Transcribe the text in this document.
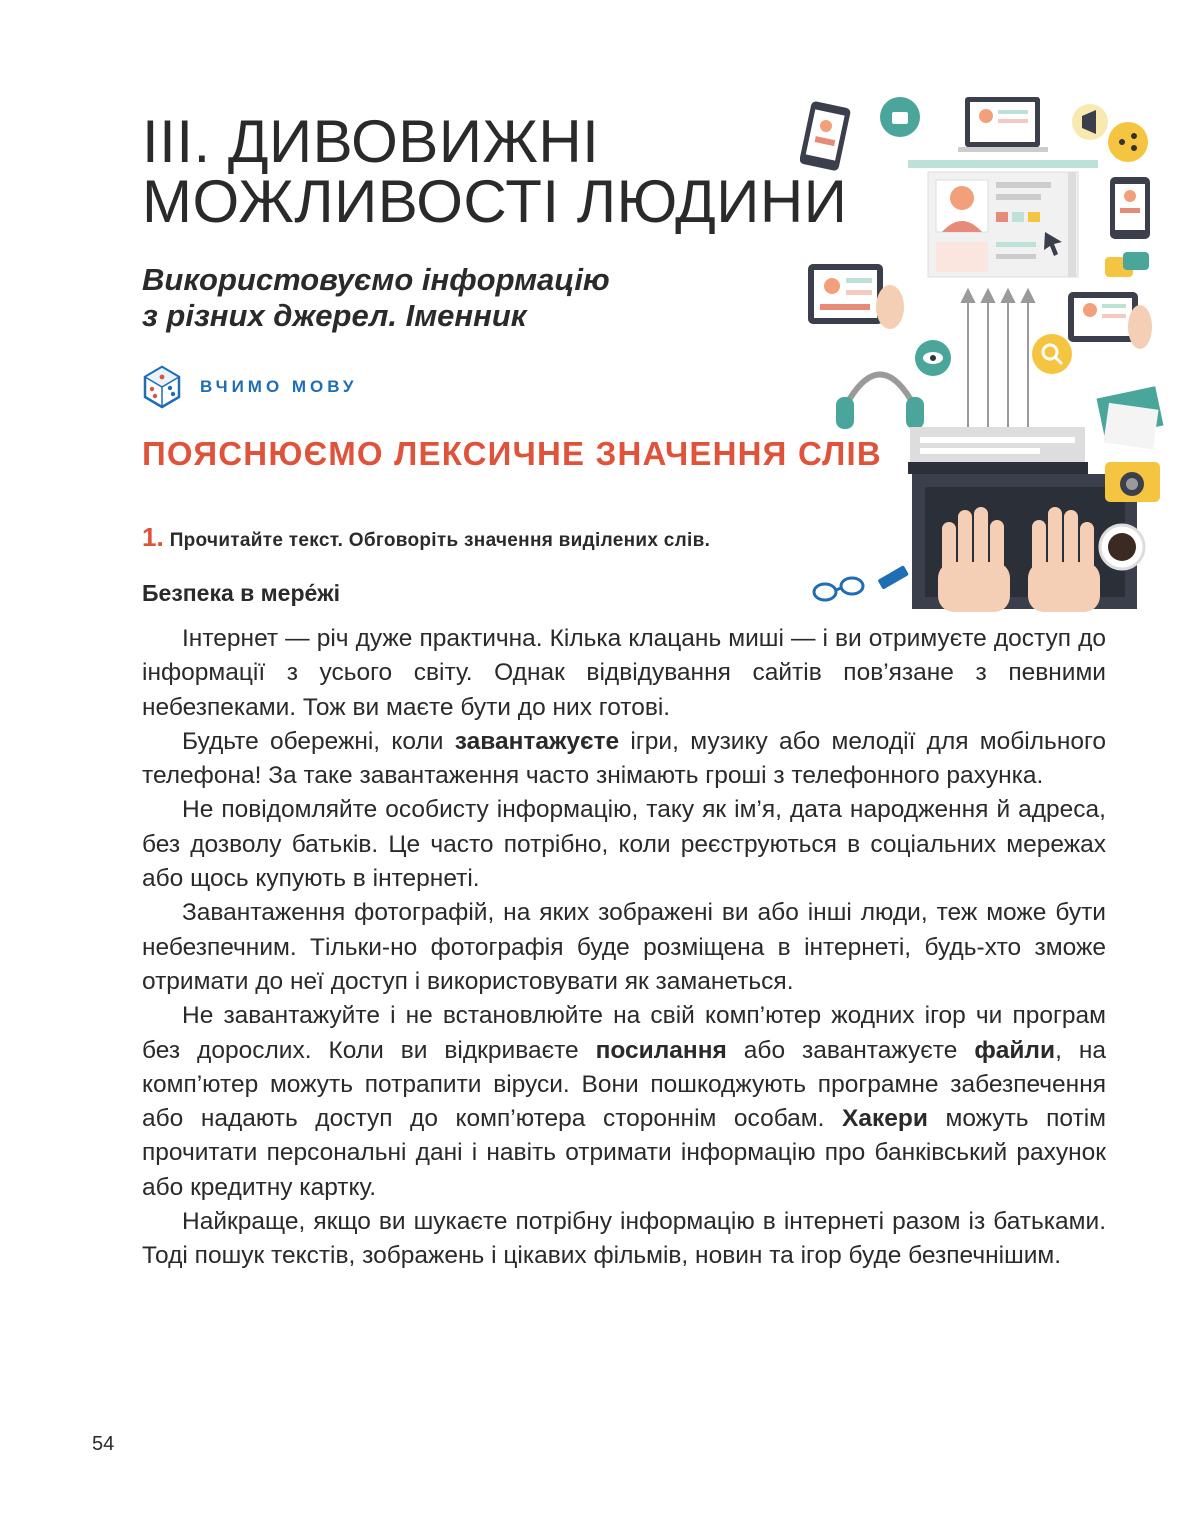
ІІІ. ДИВОВИЖНІ
МОЖЛИВОСТІ ЛЮДИНИ
Використовуємо інформацію
з різних джерел. Іменник
ВЧИМО МОВУ
ПОЯСНЮЄМО ЛЕКСИЧНЕ ЗНАЧЕННЯ СЛІВ
1. Прочитайте текст. Обговоріть значення виділених слів.
Безпека в мере́жі

Інтернет — річ дуже практична. Кілька клацань миші — і ви отримуєте доступ до інформації з усього світу. Однак відвідування сайтів пов’язане з певними небезпеками. Тож ви маєте бути до них готові.

Будьте обережні, коли завантажуєте ігри, музику або мелодії для мобільного телефона! За таке завантаження часто знімають гроші з телефонного рахунка.

Не повідомляйте особисту інформацію, таку як ім’я, дата народження й адреса, без дозволу батьків. Це часто потрібно, коли реєструються в соціальних мережах або щось купують в інтернеті.

Завантаження фотографій, на яких зображені ви або інші люди, теж може бути небезпечним. Тільки-но фотографія буде розміщена в інтернеті, будь-хто зможе отримати до неї доступ і використовувати як заманеться.

Не завантажуйте і не встановлюйте на свій комп’ютер жодних ігор чи програм без дорослих. Коли ви відкриваєте посилання або завантажуєте файли, на комп’ютер можуть потрапити віруси. Вони пошкоджують програмне забезпечення або надають доступ до комп’ютера стороннім особам. Хакери можуть потім прочитати персональні дані і навіть отримати інформацію про банківський рахунок або кредитну картку.

Найкраще, якщо ви шукаєте потрібну інформацію в інтернеті разом із батьками. Тоді пошук текстів, зображень і цікавих фільмів, новин та ігор буде безпечнішим.

54
